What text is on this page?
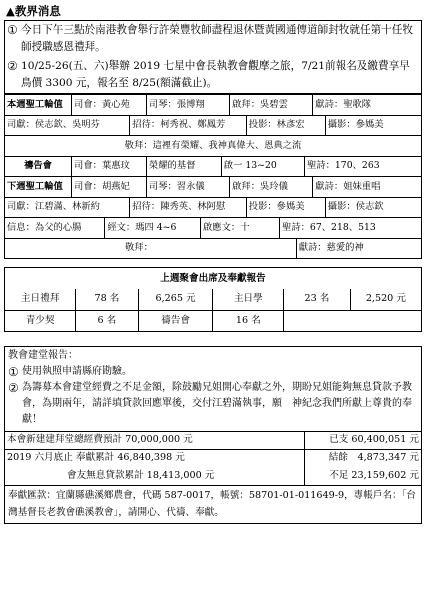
▲教界消息
① 今日下午三點於南港教會舉行許榮豐牧師盡程退休暨黃國通傳道師封牧就任第十任牧師授職感恩禮拜。
② 10/25-26(五、六)舉辦 2019 七星中會長執教會觀摩之旅，7/21前報名及繳費享早鳥價 3300 元，報名至 8/25(額滿截止)。
本週聖工輪值	司會：黃心苑	司琴：張博翔	啟拜：吳碧雲	獻詩：聖歌隊
司獻：侯志欽、吳明芬	招待：柯秀祝、鄭鳳芳	投影：林彥宏	攝影：參媽美
敬拜：這裡有榮耀、我神真偉大、恩典之流
禱告會	司會：葉惠玟	榮耀的基督	啟一 13~20	聖詩：170、263
下週聖工輪值	司會：胡燕妃	司琴：習永儀	啟拜：吳玲儀	獻詩：姐妹重唱
司獻：江碧滿、林新約	招待：陳秀英、林阿慰	投影：參媽美	攝影：侯志欽
信息：為父的心腸	經文：瑪四 4~6	啟應文：十	聖詩：67、218、513
敬拜：	獻詩：慈愛的神
上週聚會出席及奉獻報告
主日禮拜	78 名	6,265 元	主日學	23 名	2,520 元
青少契	6 名	禱告會	16 名		
教會建堂報告：
① 使用執照申請縣府勘驗。
② 為籌募本會建堂經費之不足金額，除鼓勵兄姐開心奉獻之外，期盼兄姐能夠無息貸款予教會，為期兩年，請詳填貸款回應單後，交付江碧滿執事，願　神紀念我們所獻上尊貴的奉獻！
本會新建建拜堂總經費預計 70,000,000 元	已支 60,400,051 元
2019 六月底止 奉獻累計 46,840,398 元	結餘　4,873,347 元
會友無息貸款累計 18,413,000 元	不足 23,159,602 元
奉獻匯款：宜蘭縣礁溪鄉農會，代碼 587-0017，帳號：58701-01-011649-9，專帳戶名：「台灣基督長老教會礁溪教會」，請開心、代禱、奉獻。
